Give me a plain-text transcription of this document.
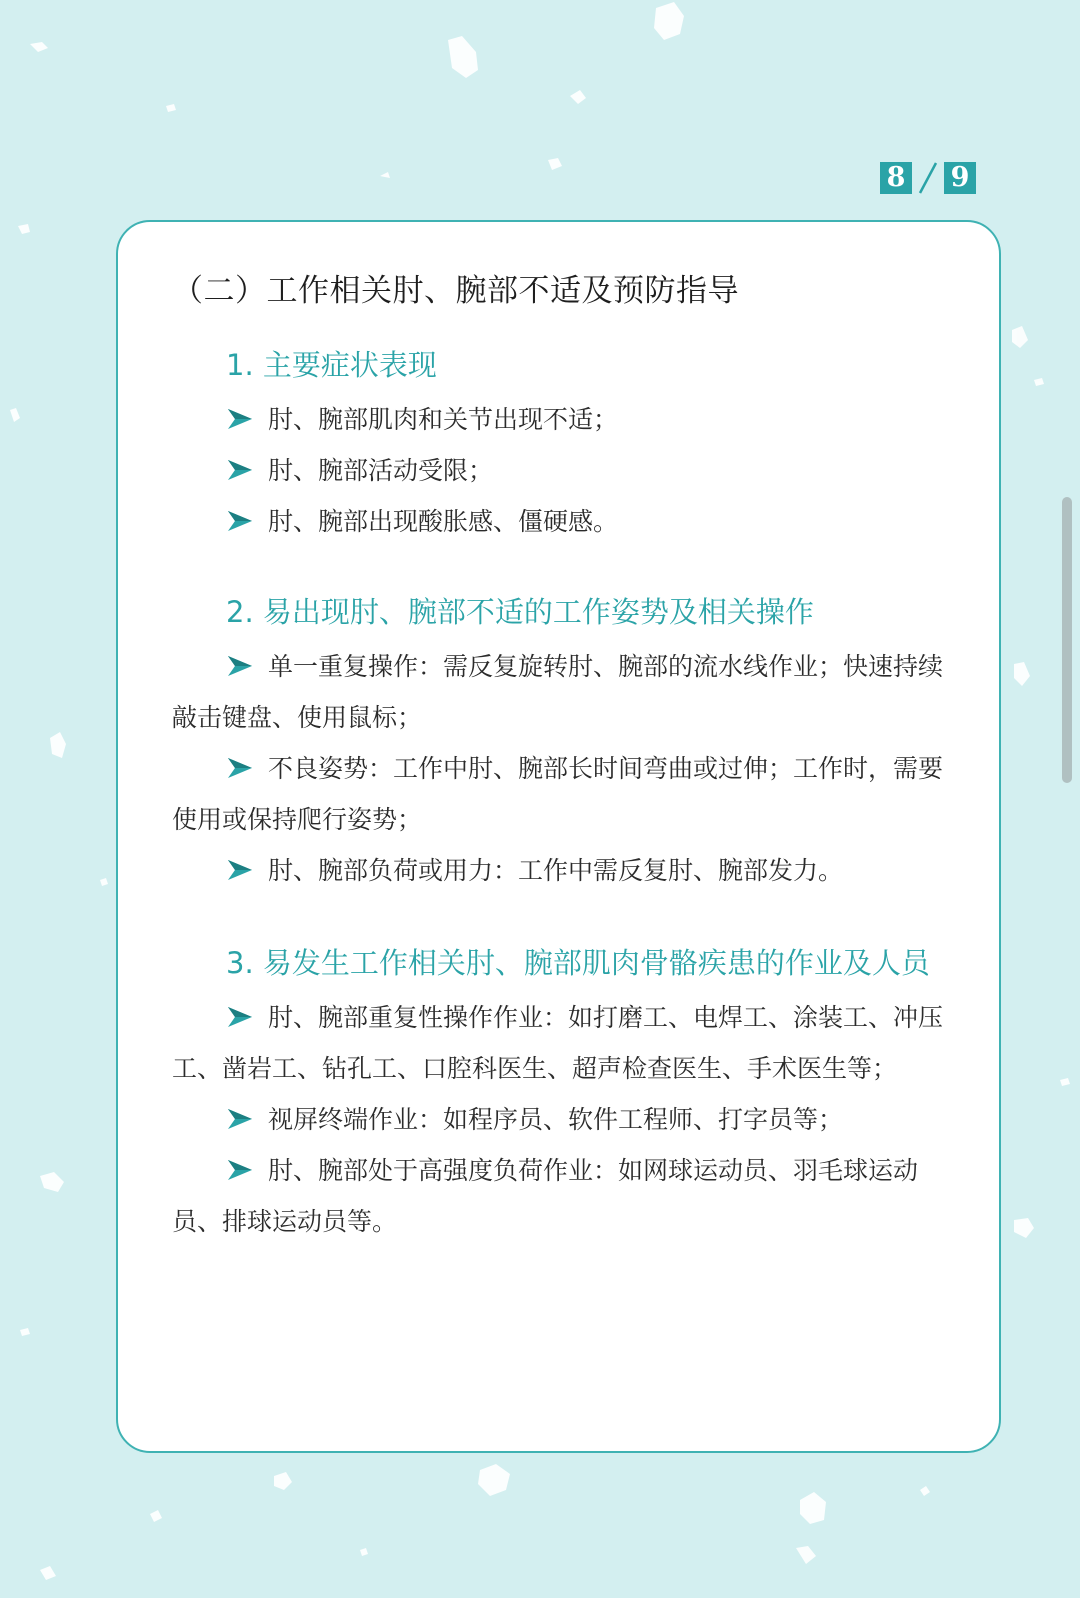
8 9

（二）工作相关肘、腕部不适及预防指导

1. 主要症状表现

肘、腕部肌肉和关节出现不适；

肘、腕部活动受限；

肘、腕部出现酸胀感、僵硬感。

2. 易出现肘、腕部不适的工作姿势及相关操作

单一重复操作：需反复旋转肘、腕部的流水线作业；快速持续敲击键盘、使用鼠标；

不良姿势：工作中肘、腕部长时间弯曲或过伸；工作时，需要使用或保持爬行姿势；

肘、腕部负荷或用力：工作中需反复肘、腕部发力。

3. 易发生工作相关肘、腕部肌肉骨骼疾患的作业及人员

肘、腕部重复性操作作业：如打磨工、电焊工、涂装工、冲压工、凿岩工、钻孔工、口腔科医生、超声检查医生、手术医生等；

视屏终端作业：如程序员、软件工程师、打字员等；

肘、腕部处于高强度负荷作业：如网球运动员、羽毛球运动员、排球运动员等。
